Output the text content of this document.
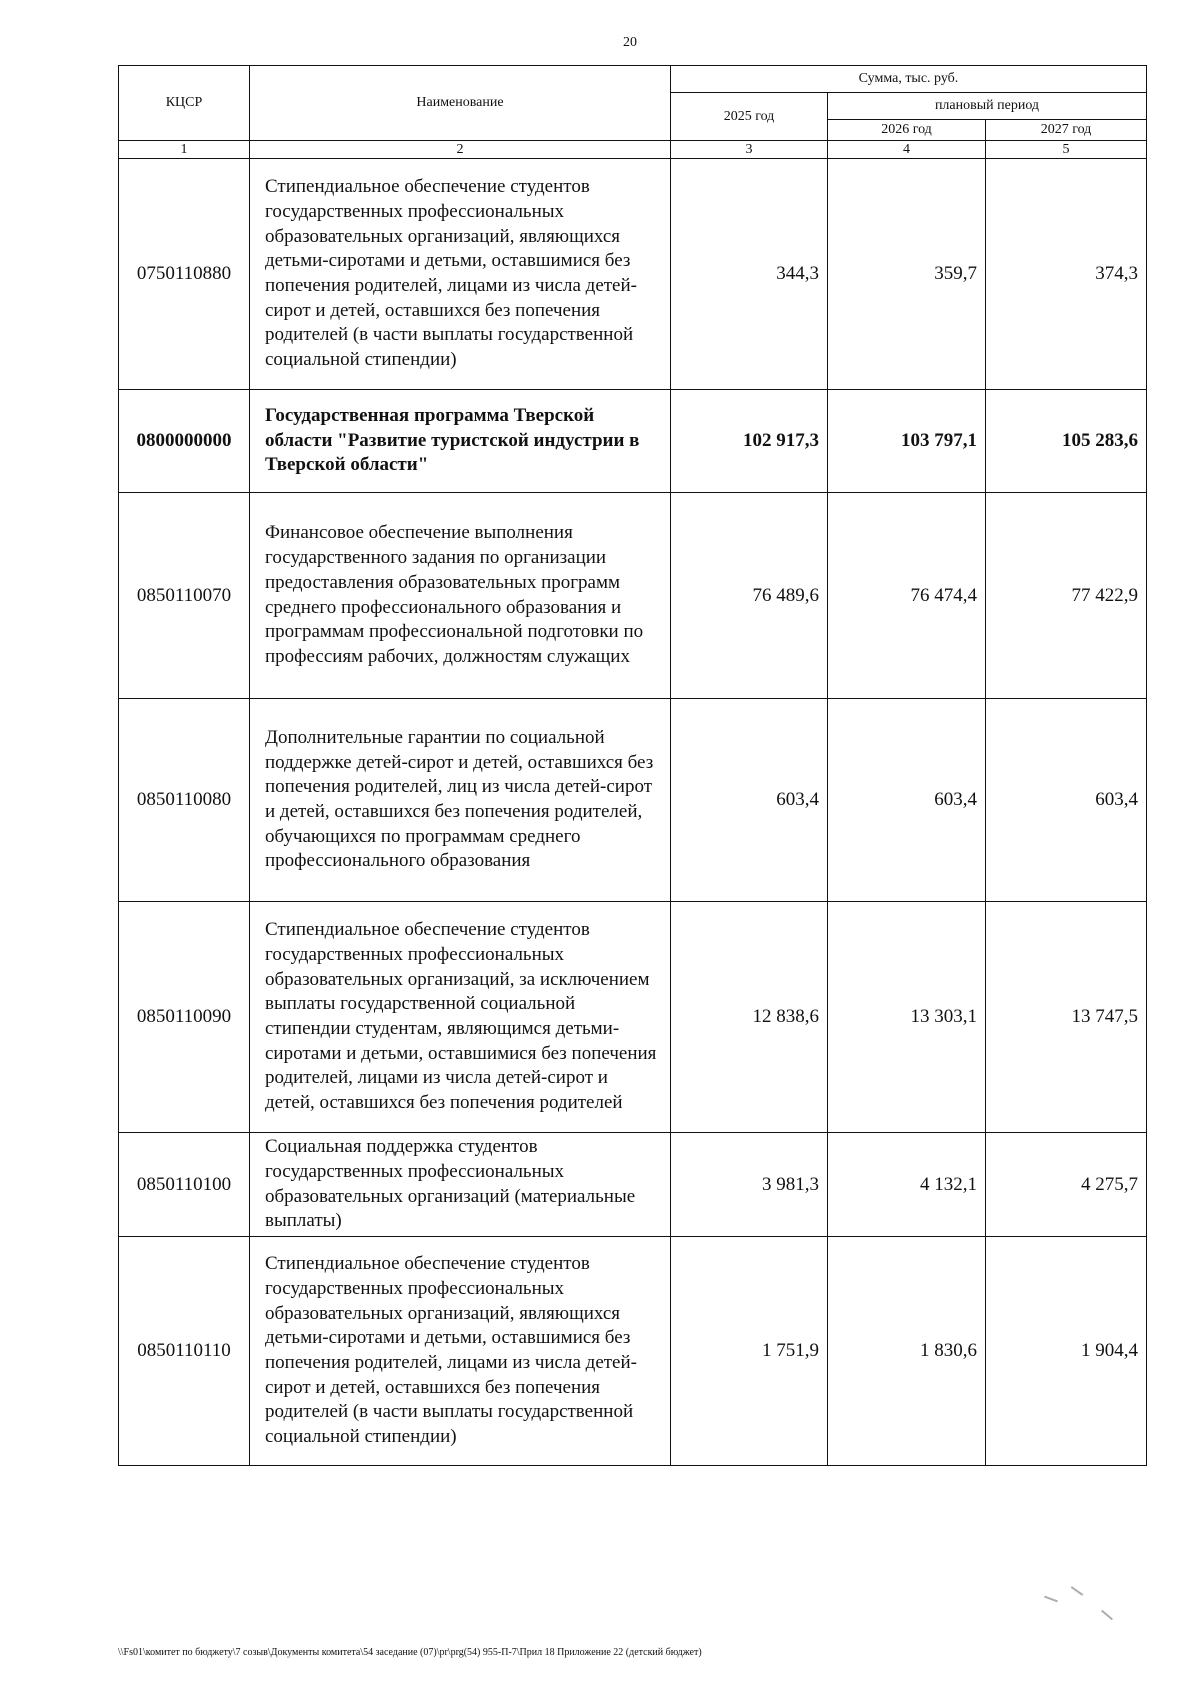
20
КЦСР	Наименование	Сумма, тыс. руб.		
		2025 год	плановый период	
			2026 год	2027 год
1	2	3	4	5
0750110880	Стипендиальное обеспечение студентов государственных профессиональных образовательных организаций, являющихся детьми-сиротами и детьми, оставшимися без попечения родителей, лицами из числа детей-сирот и детей, оставшихся без попечения родителей (в части выплаты государственной социальной стипендии)	344,3	359,7	374,3
0800000000	Государственная программа Тверской области "Развитие туристской индустрии в Тверской области"	102 917,3	103 797,1	105 283,6
0850110070	Финансовое обеспечение выполнения государственного задания по организации предоставления образовательных программ среднего профессионального образования и программам профессиональной подготовки по профессиям рабочих, должностям служащих	76 489,6	76 474,4	77 422,9
0850110080	Дополнительные гарантии по социальной поддержке детей-сирот и детей, оставшихся без попечения родителей, лиц из числа детей-сирот и детей, оставшихся без попечения родителей, обучающихся по программам среднего профессионального образования	603,4	603,4	603,4
0850110090	Стипендиальное обеспечение студентов государственных профессиональных образовательных организаций, за исключением выплаты государственной социальной стипендии студентам, являющимся детьми-сиротами и детьми, оставшимися без попечения родителей, лицами из числа детей-сирот и детей, оставшихся без попечения родителей	12 838,6	13 303,1	13 747,5
0850110100	Социальная поддержка студентов государственных профессиональных образовательных организаций (материальные выплаты)	3 981,3	4 132,1	4 275,7
0850110110	Стипендиальное обеспечение студентов государственных профессиональных образовательных организаций, являющихся детьми-сиротами и детьми, оставшимися без попечения родителей, лицами из числа детей-сирот и детей, оставшихся без попечения родителей (в части выплаты государственной социальной стипендии)	1 751,9	1 830,6	1 904,4
\\Fs01\комитет по бюджету\7 созыв\Документы комитета\54 заседание (07)\pr\prg(54) 955-П-7\Прил 18 Приложение 22 (детский бюджет)
